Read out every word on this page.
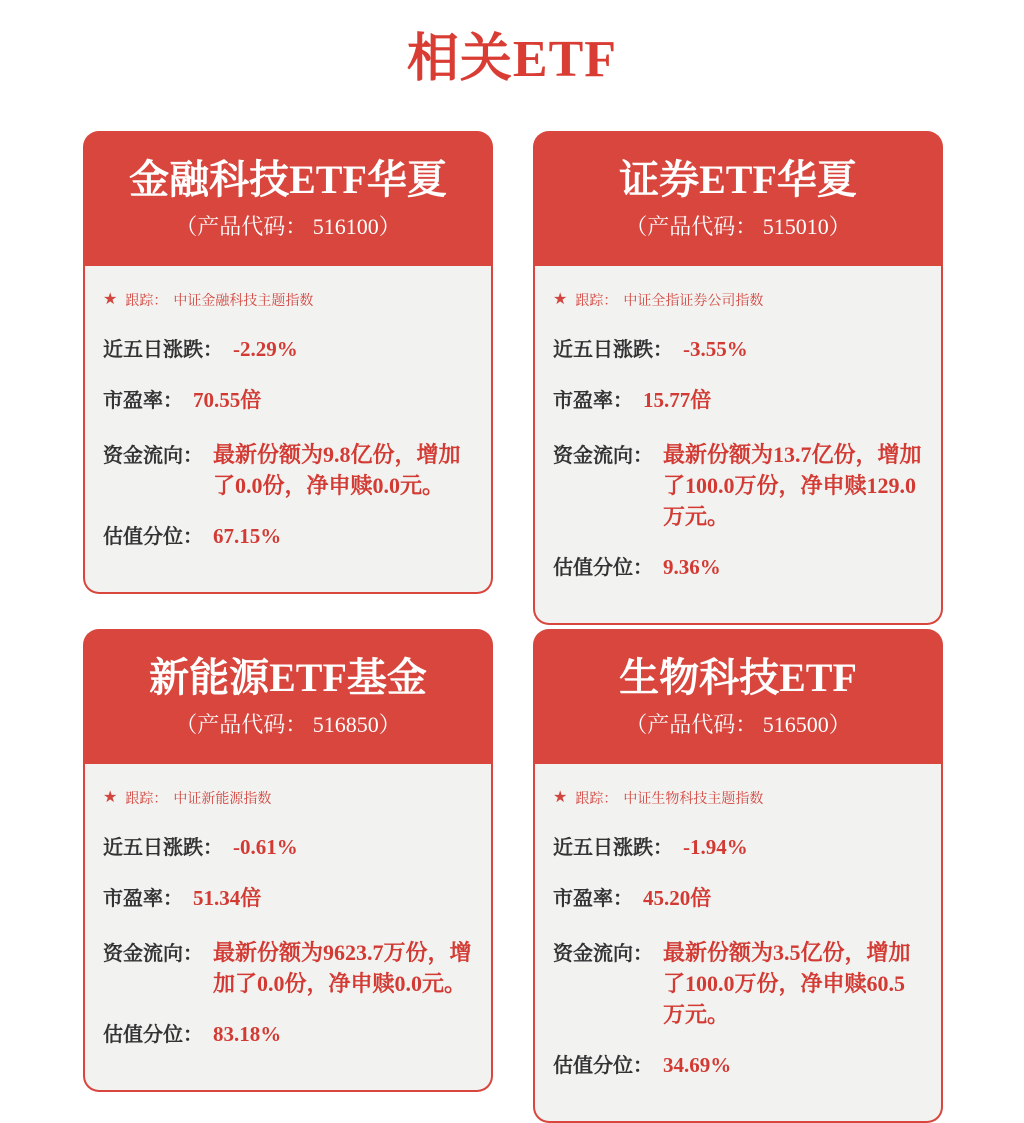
相关ETF
金融科技ETF华夏
（产品代码： 516100）
★ 跟踪： 中证金融科技主题指数
近五日涨跌： -2.29%
市盈率： 70.55倍
资金流向： 最新份额为9.8亿份，增加了0.0份，净申赎0.0元。
估值分位： 67.15%
证券ETF华夏
（产品代码： 515010）
★ 跟踪： 中证全指证券公司指数
近五日涨跌： -3.55%
市盈率： 15.77倍
资金流向： 最新份额为13.7亿份，增加了100.0万份，净申赎129.0万元。
估值分位： 9.36%
新能源ETF基金
（产品代码： 516850）
★ 跟踪： 中证新能源指数
近五日涨跌： -0.61%
市盈率： 51.34倍
资金流向： 最新份额为9623.7万份，增加了0.0份，净申赎0.0元。
估值分位： 83.18%
生物科技ETF
（产品代码： 516500）
★ 跟踪： 中证生物科技主题指数
近五日涨跌： -1.94%
市盈率： 45.20倍
资金流向： 最新份额为3.5亿份，增加了100.0万份，净申赎60.5万元。
估值分位： 34.69%
